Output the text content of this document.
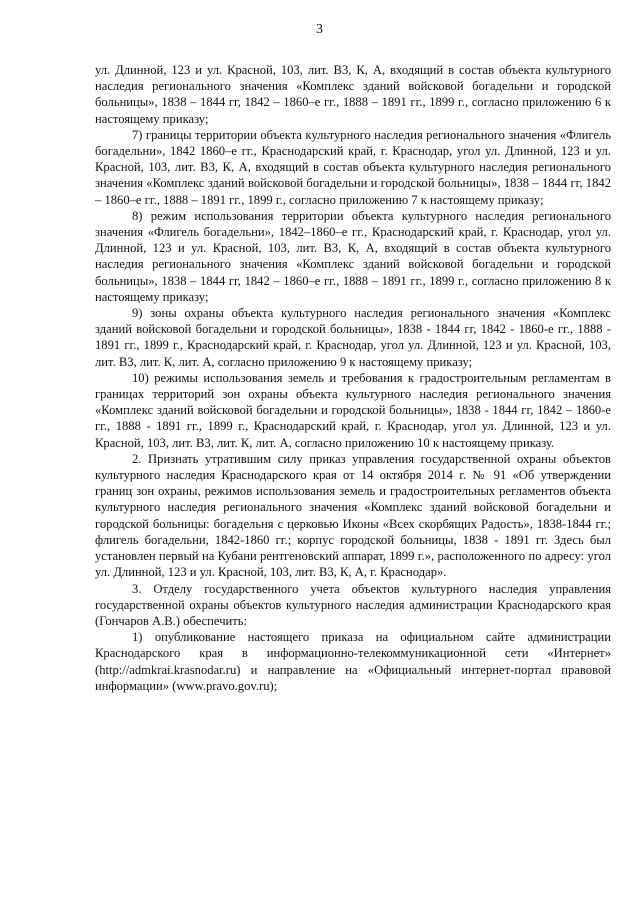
3

ул. Длинной, 123 и ул. Красной, 103, лит. В3, К, А, входящий в состав объекта культурного наследия регионального значения «Комплекс зданий войсковой богадельни и городской больницы», 1838 – 1844 гг, 1842 – 1860–е гг., 1888 – 1891 гг., 1899 г., согласно приложению 6 к настоящему приказу;

7) границы территории объекта культурного наследия регионального значения «Флигель богадельни», 1842 1860–е гг., Краснодарский край, г. Краснодар, угол ул. Длинной, 123 и ул. Красной, 103, лит. В3, К, А, входящий в состав объекта культурного наследия регионального значения «Комплекс зданий войсковой богадельни и городской больницы», 1838 – 1844 гг, 1842 – 1860–е гг., 1888 – 1891 гг., 1899 г., согласно приложению 7 к настоящему приказу;

8) режим использования территории объекта культурного наследия регионального значения «Флигель богадельни», 1842–1860–е гг., Краснодарский край, г. Краснодар, угол ул. Длинной, 123 и ул. Красной, 103, лит. В3, К, А, входящий в состав объекта культурного наследия регионального значения «Комплекс зданий войсковой богадельни и городской больницы», 1838 – 1844 гг, 1842 – 1860–е гг., 1888 – 1891 гг., 1899 г., согласно приложению 8 к настоящему приказу;

9) зоны охраны объекта культурного наследия регионального значения «Комплекс зданий войсковой богадельни и городской больницы», 1838 - 1844 гг, 1842 - 1860-е гг., 1888 - 1891 гг., 1899 г., Краснодарский край, г. Краснодар, угол ул. Длинной, 123 и ул. Красной, 103, лит. В3, лит. К, лит. А, согласно приложению 9 к настоящему приказу;

10) режимы использования земель и требования к градостроительным регламентам в границах территорий зон охраны объекта культурного наследия регионального значения «Комплекс зданий войсковой богадельни и городской больницы», 1838 - 1844 гг, 1842 – 1860-е гг., 1888 - 1891 гг., 1899 г., Краснодарский край, г. Краснодар, угол ул. Длинной, 123 и ул. Красной, 103, лит. В3, лит. К, лит. А, согласно приложению 10 к настоящему приказу.

2. Признать утратившим силу приказ управления государственной охраны объектов культурного наследия Краснодарского края от 14 октября 2014 г. № 91 «Об утверждении границ зон охраны, режимов использования земель и градостроительных регламентов объекта культурного наследия регионального значения «Комплекс зданий войсковой богадельни и городской больницы: богадельня с церковью Иконы «Всех скорбящих Радость», 1838-1844 гг.; флигель богадельни, 1842-1860 гг.; корпус городской больницы, 1838 - 1891 гг. Здесь был установлен первый на Кубани рентгеновский аппарат, 1899 г.», расположенного по адресу: угол ул. Длинной, 123 и ул. Красной, 103, лит. В3, К, А, г. Краснодар».

3. Отделу государственного учета объектов культурного наследия управления государственной охраны объектов культурного наследия администрации Краснодарского края (Гончаров А.В.) обеспечить:

1) опубликование настоящего приказа на официальном сайте администрации Краснодарского края в информационно-телекоммуникационной сети «Интернет» (http://admkrai.krasnodar.ru) и направление на «Официальный интернет-портал правовой информации» (www.pravo.gov.ru);
